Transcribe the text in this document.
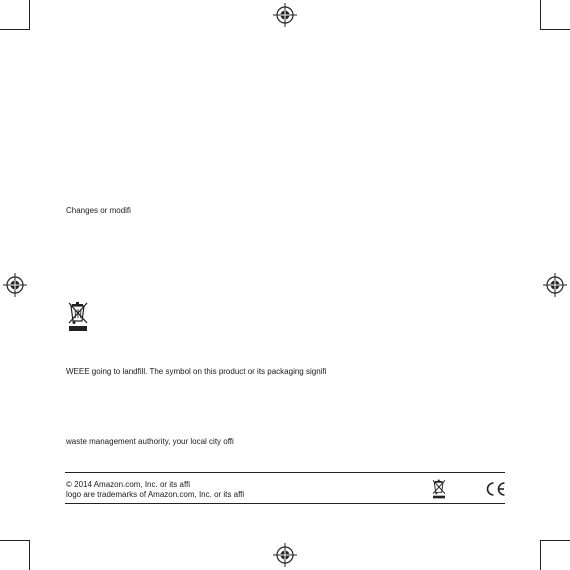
Changes or modifi
WEEE going to landfill. The symbol on this product or its packaging signifi
waste management authority, your local city offi
© 2014 Amazon.com, Inc. or its affi
logo are trademarks of Amazon.com, Inc. or its affi
